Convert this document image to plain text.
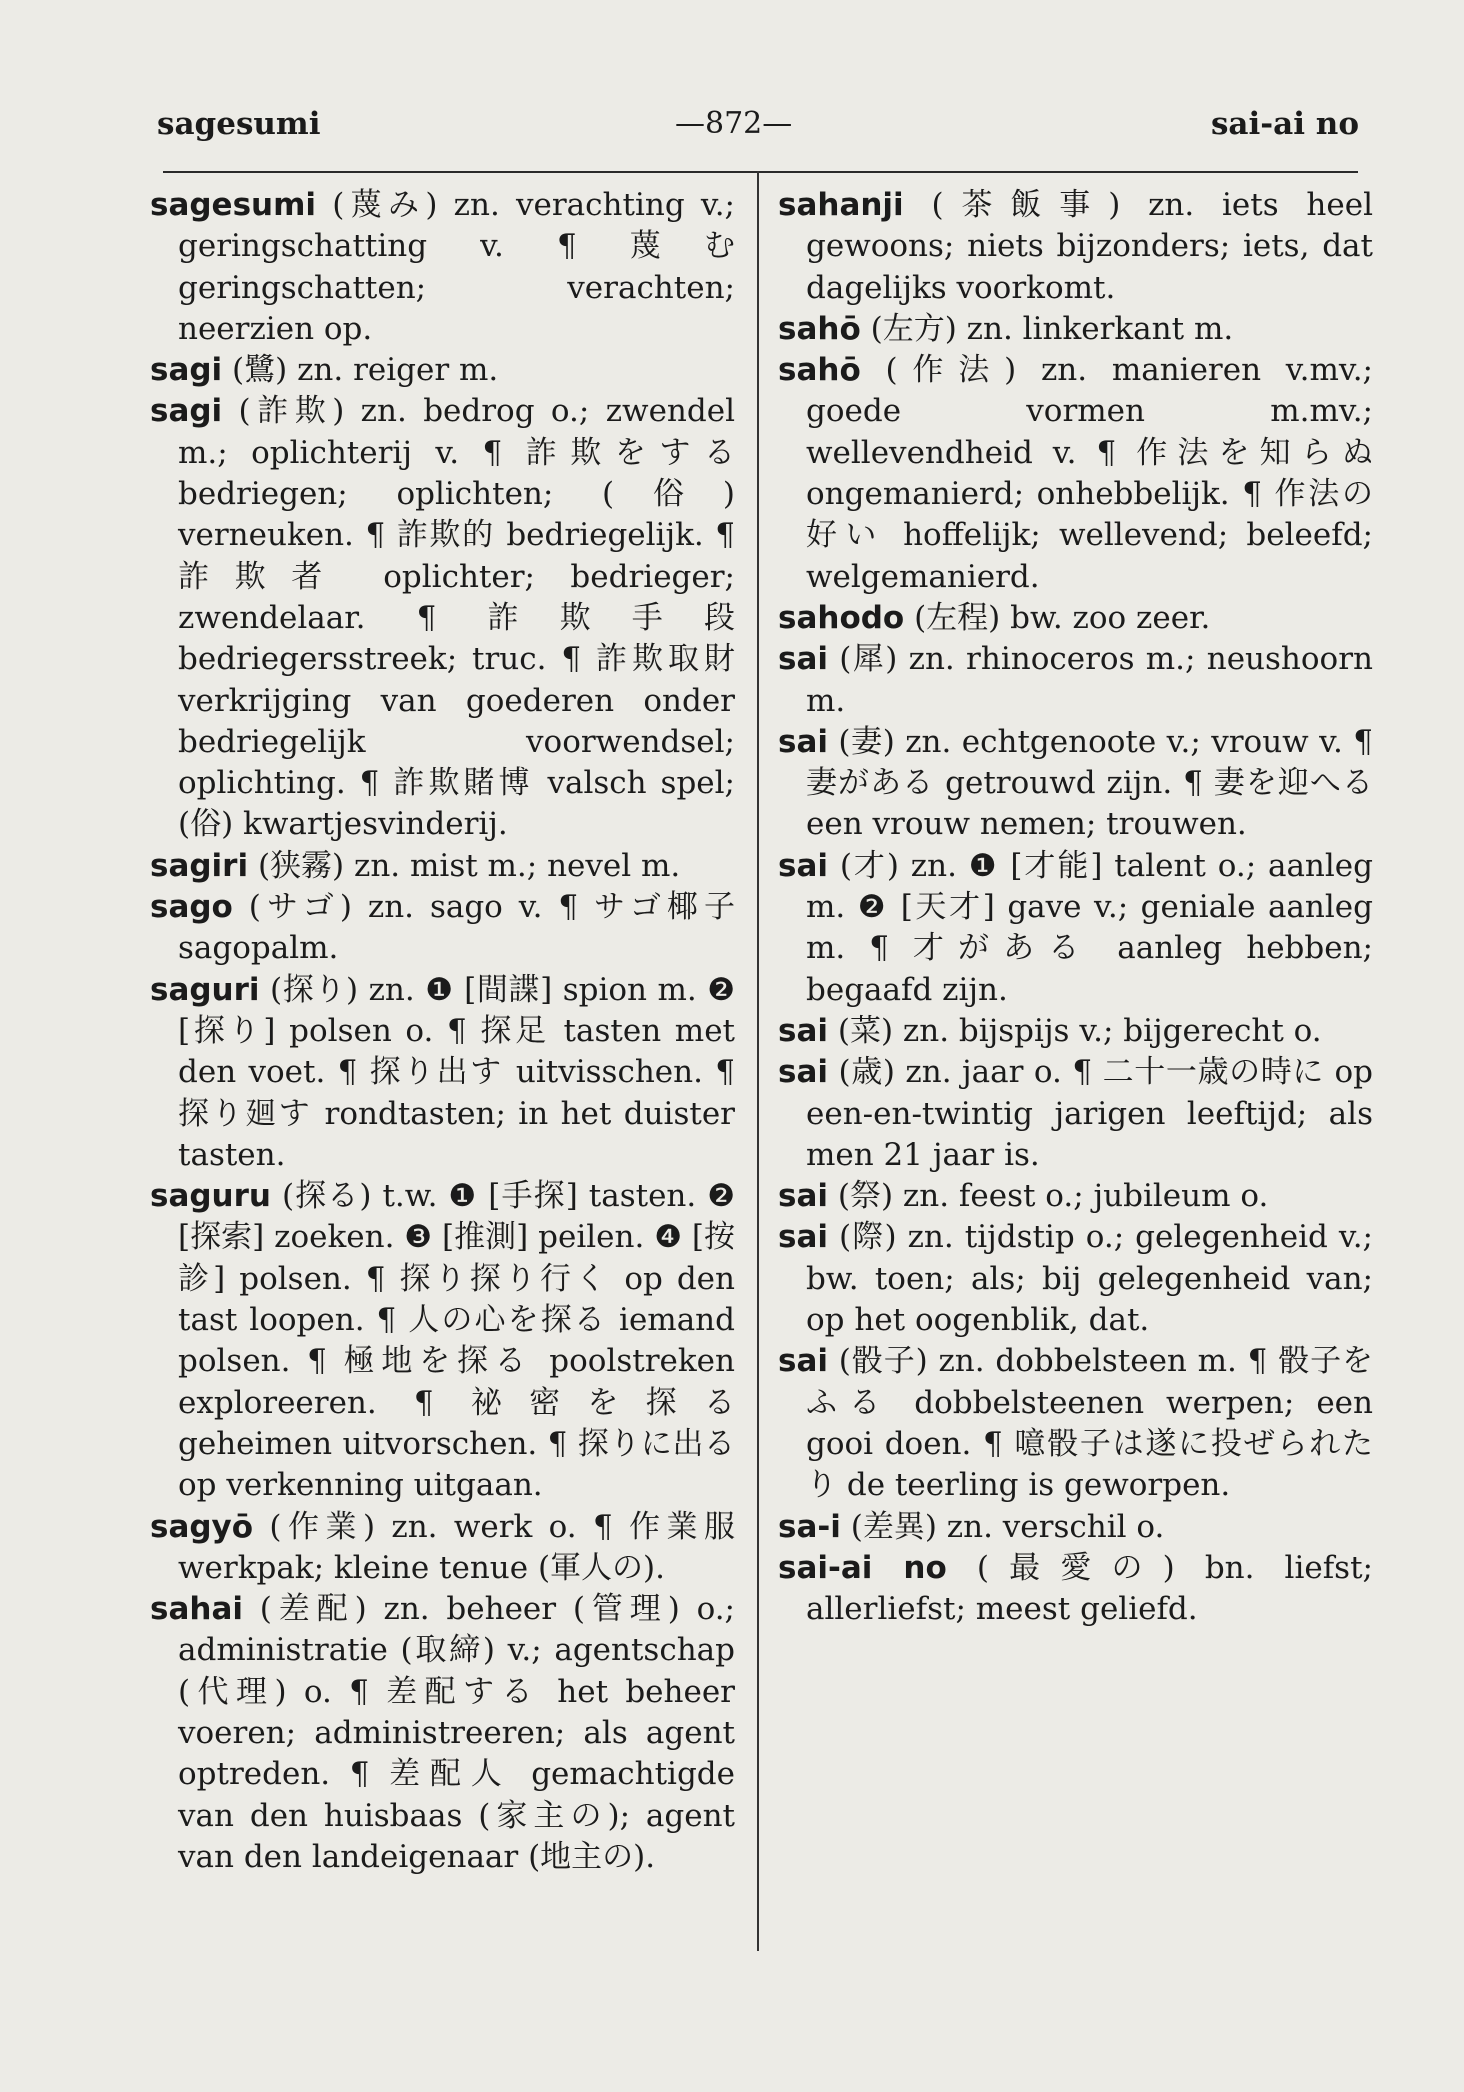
sagesumi	—872—	sai-ai no

sagesumi (蔑み) zn. verachting v.; geringschatting v. ¶ 蔑む geringschatten; verachten; neerzien op.

sagi (鷺) zn. reiger m.

sagi (詐欺) zn. bedrog o.; zwendel m.; oplichterij v. ¶ 詐欺をする bedriegen; oplichten; (俗) verneuken. ¶ 詐欺的 bedriegelijk. ¶ 詐欺者 oplichter; bedrieger; zwendelaar. ¶ 詐欺手段 bedriegersstreek; truc. ¶ 詐欺取財 verkrijging van goederen onder bedriegelijk voorwendsel; oplichting. ¶ 詐欺賭博 valsch spel; (俗) kwartjesvinderij.

sagiri (狭霧) zn. mist m.; nevel m.

sago (サゴ) zn. sago v. ¶ サゴ椰子 sagopalm.

saguri (探り) zn. ❶ [間諜] spion m. ❷ [探り] polsen o. ¶ 探足 tasten met den voet. ¶ 探り出す uitvisschen. ¶ 探り廻す rondtasten; in het duister tasten.

saguru (探る) t.w. ❶ [手探] tasten. ❷ [探索] zoeken. ❸ [推測] peilen. ❹ [按診] polsen. ¶ 探り探り行く op den tast loopen. ¶ 人の心を探る iemand polsen. ¶ 極地を探る poolstreken exploreeren. ¶ 祕密を探る geheimen uitvorschen. ¶ 探りに出る op verkenning uitgaan.

sagyō (作業) zn. werk o. ¶ 作業服 werkpak; kleine tenue (軍人の).

sahai (差配) zn. beheer (管理) o.; administratie (取締) v.; agentschap (代理) o. ¶ 差配する het beheer voeren; administreeren; als agent optreden. ¶ 差配人 gemachtigde van den huisbaas (家主の); agent van den landeigenaar (地主の).

sahanji (茶飯事) zn. iets heel gewoons; niets bijzonders; iets, dat dagelijks voorkomt.

sahō (左方) zn. linkerkant m.

sahō (作法) zn. manieren v.mv.; goede vormen m.mv.; wellevendheid v. ¶ 作法を知らぬ ongemanierd; onhebbelijk. ¶ 作法の好い hoffelijk; wellevend; beleefd; welgemanierd.

sahodo (左程) bw. zoo zeer.

sai (犀) zn. rhinoceros m.; neushoorn m.

sai (妻) zn. echtgenoote v.; vrouw v. ¶ 妻がある getrouwd zijn. ¶ 妻を迎へる een vrouw nemen; trouwen.

sai (才) zn. ❶ [才能] talent o.; aanleg m. ❷ [天才] gave v.; geniale aanleg m. ¶ 才がある aanleg hebben; begaafd zijn.

sai (菜) zn. bijspijs v.; bijgerecht o.

sai (歳) zn. jaar o. ¶ 二十一歳の時に op een-en-twintig jarigen leeftijd; als men 21 jaar is.

sai (祭) zn. feest o.; jubileum o.

sai (際) zn. tijdstip o.; gelegenheid v.; bw. toen; als; bij gelegenheid van; op het oogenblik, dat.

sai (骰子) zn. dobbelsteen m. ¶ 骰子をふる dobbelsteenen werpen; een gooi doen. ¶ 噫骰子は遂に投ぜられたり de teerling is geworpen.

sa-i (差異) zn. verschil o.

sai-ai no (最愛の) bn. liefst; allerliefst; meest geliefd.
